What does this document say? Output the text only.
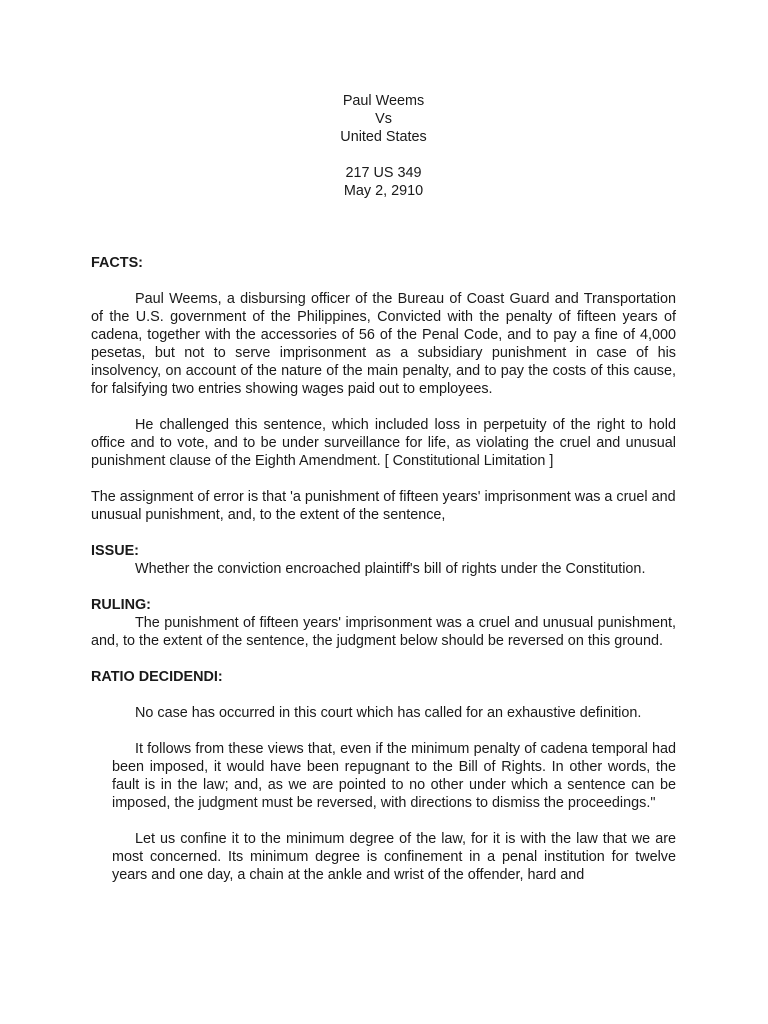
Paul Weems
Vs
United States
217 US 349
May 2, 2910
FACTS:

Paul Weems, a disbursing officer of the Bureau of Coast Guard and Transportation of the U.S. government of the Philippines, Convicted with the penalty of fifteen years of cadena, together with the accessories of 56 of the Penal Code, and to pay a fine of 4,000 pesetas, but not to serve imprisonment as a subsidiary punishment in case of his insolvency, on account of the nature of the main penalty, and to pay the costs of this cause, for falsifying two entries showing wages paid out to employees.

He challenged this sentence, which included loss in perpetuity of the right to hold office and to vote, and to be under surveillance for life, as violating the cruel and unusual punishment clause of the Eighth Amendment. [ Constitutional Limitation ]

The assignment of error is that 'a punishment of fifteen years' imprisonment was a cruel and unusual punishment, and, to the extent of the sentence,

ISSUE:

Whether the conviction encroached plaintiff's bill of rights under the Constitution.

RULING:

The punishment of fifteen years' imprisonment was a cruel and unusual punishment, and, to the extent of the sentence, the judgment below should be reversed on this ground.

RATIO DECIDENDI:

No case has occurred in this court which has called for an exhaustive definition.

It follows from these views that, even if the minimum penalty of cadena temporal had been imposed, it would have been repugnant to the Bill of Rights. In other words, the fault is in the law; and, as we are pointed to no other under which a sentence can be imposed, the judgment must be reversed, with directions to dismiss the proceedings."

Let us confine it to the minimum degree of the law, for it is with the law that we are most concerned. Its minimum degree is confinement in a penal institution for twelve years and one day, a chain at the ankle and wrist of the offender, hard and
